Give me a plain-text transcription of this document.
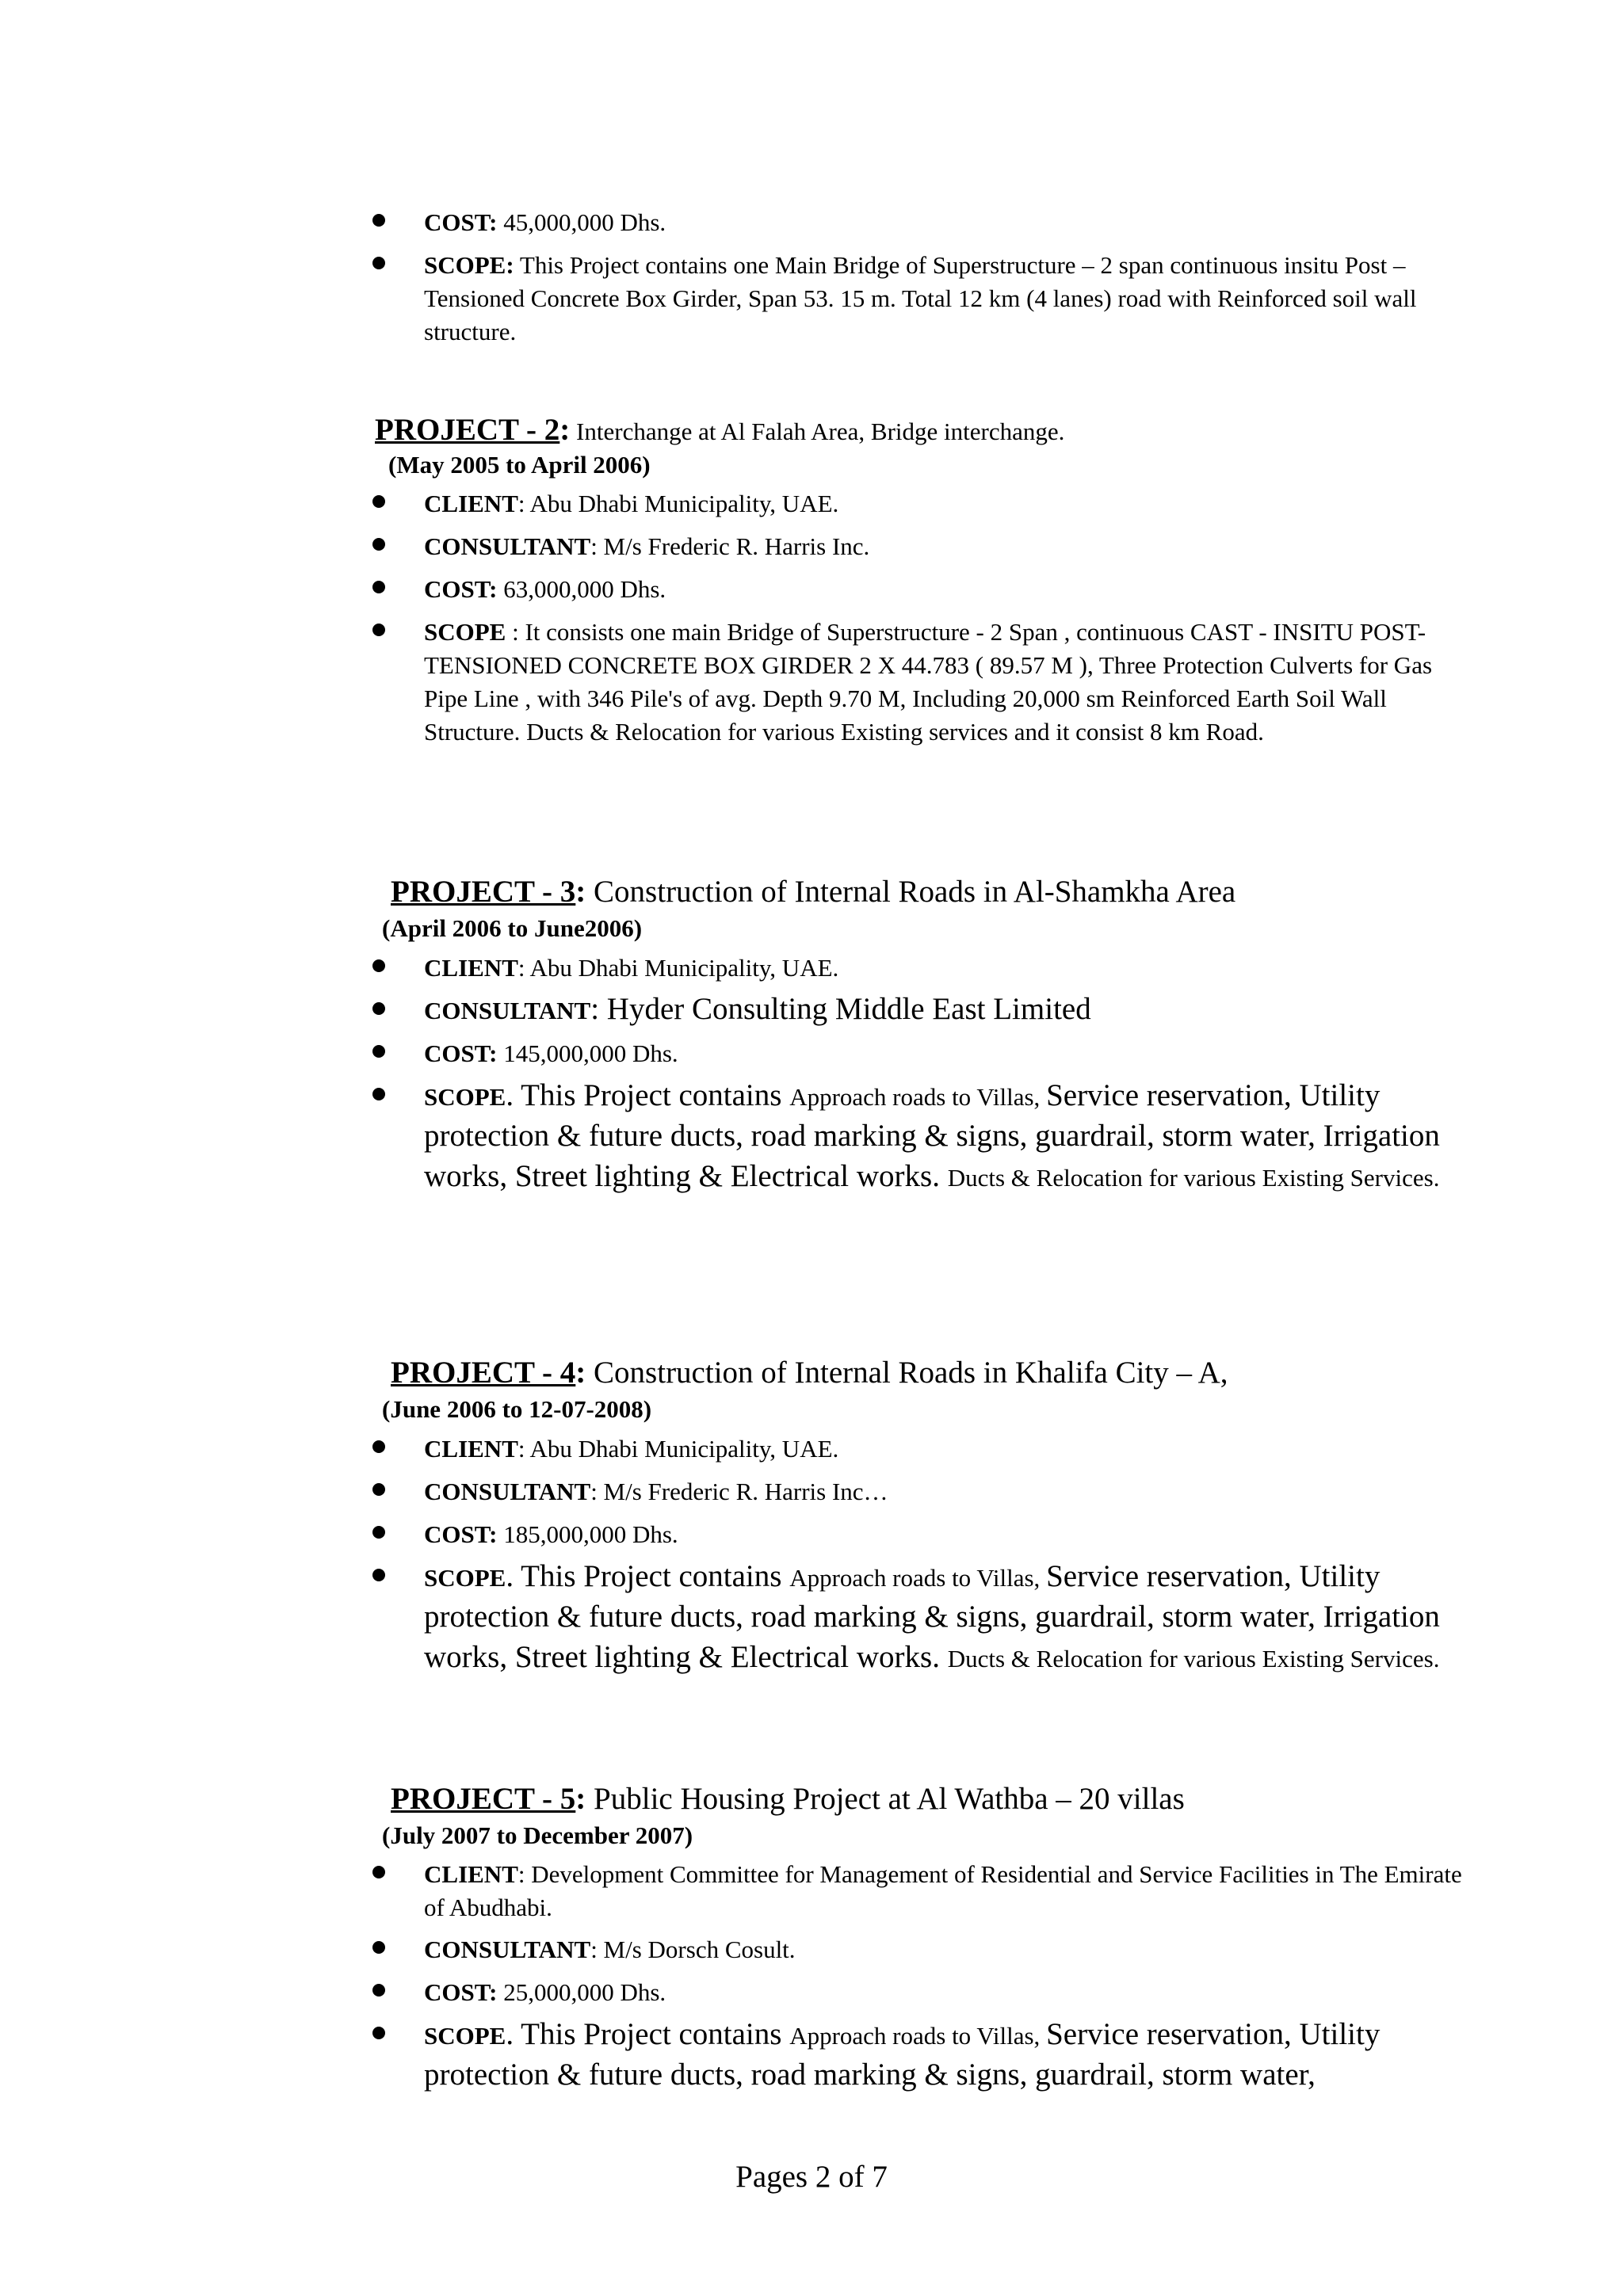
COST: 45,000,000 Dhs.
SCOPE: This Project contains one Main Bridge of Superstructure – 2 span continuous insitu Post – Tensioned Concrete Box Girder, Span 53. 15 m. Total 12 km (4 lanes) road with Reinforced soil wall structure.
PROJECT - 2: Interchange at Al Falah Area, Bridge interchange.
(May 2005 to April 2006)
CLIENT: Abu Dhabi Municipality, UAE.
CONSULTANT: M/s Frederic R. Harris Inc.
COST: 63,000,000 Dhs.
SCOPE : It consists one main Bridge of Superstructure - 2 Span , continuous CAST - INSITU POST-TENSIONED CONCRETE BOX GIRDER 2 X 44.783 ( 89.57 M ), Three Protection Culverts for Gas Pipe Line , with 346 Pile's of avg. Depth 9.70 M, Including 20,000 sm Reinforced Earth Soil Wall Structure. Ducts & Relocation for various Existing services and it consist 8 km Road.
PROJECT - 3: Construction of Internal Roads in Al-Shamkha Area
(April 2006 to June2006)
CLIENT: Abu Dhabi Municipality, UAE.
CONSULTANT: Hyder Consulting Middle East Limited
COST: 145,000,000 Dhs.
SCOPE. This Project contains Approach roads to Villas, Service reservation, Utility protection & future ducts, road marking & signs, guardrail, storm water, Irrigation works, Street lighting & Electrical works. Ducts & Relocation for various Existing Services.
PROJECT - 4: Construction of Internal Roads in Khalifa City – A,
(June 2006 to 12-07-2008)
CLIENT: Abu Dhabi Municipality, UAE.
CONSULTANT: M/s Frederic R. Harris Inc…
COST: 185,000,000 Dhs.
SCOPE. This Project contains Approach roads to Villas, Service reservation, Utility protection & future ducts, road marking & signs, guardrail, storm water, Irrigation works, Street lighting & Electrical works. Ducts & Relocation for various Existing Services.
PROJECT - 5: Public Housing Project at Al Wathba – 20 villas
(July 2007 to December 2007)
CLIENT: Development Committee for Management of Residential and Service Facilities in The Emirate of Abudhabi.
CONSULTANT: M/s Dorsch Cosult.
COST: 25,000,000 Dhs.
SCOPE. This Project contains Approach roads to Villas, Service reservation, Utility protection & future ducts, road marking & signs, guardrail, storm water,
Pages 2 of 7
